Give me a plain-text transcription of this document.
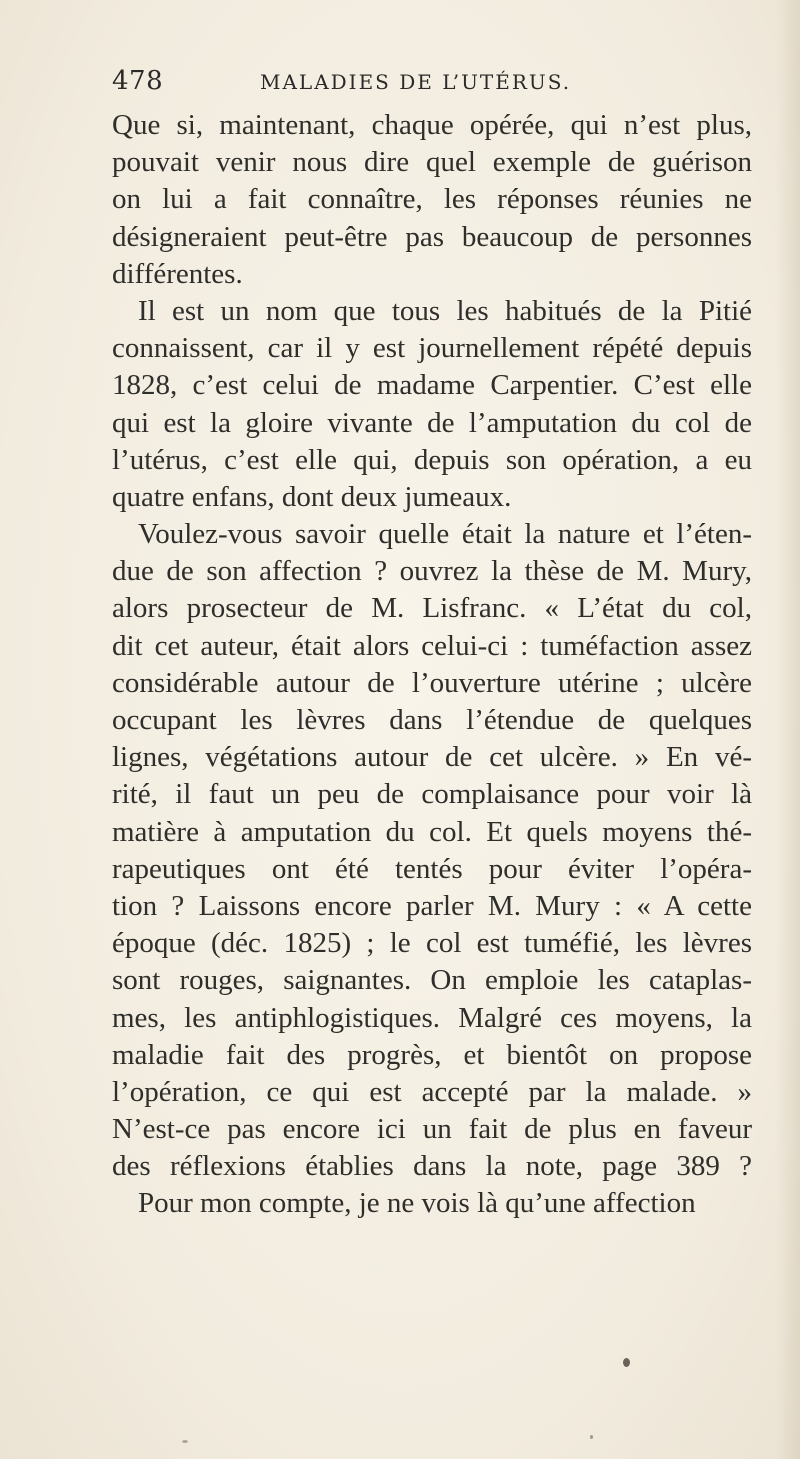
478	MALADIES DE L’UTÉRUS.
Que si, maintenant, chaque opérée, qui n’est plus,
pouvait venir nous dire quel exemple de guérison
on lui a fait connaître, les réponses réunies ne
désigneraient peut-être pas beaucoup de personnes
différentes.
Il est un nom que tous les habitués de la Pitié
connaissent, car il y est journellement répété depuis
1828, c’est celui de madame Carpentier. C’est elle
qui est la gloire vivante de l’amputation du col de
l’utérus, c’est elle qui, depuis son opération, a eu
quatre enfans, dont deux jumeaux.
Voulez-vous savoir quelle était la nature et l’éten-
due de son affection ? ouvrez la thèse de M. Mury,
alors prosecteur de M. Lisfranc. « L’état du col,
dit cet auteur, était alors celui-ci : tuméfaction assez
considérable autour de l’ouverture utérine ; ulcère
occupant les lèvres dans l’étendue de quelques
lignes, végétations autour de cet ulcère. » En vé-
rité, il faut un peu de complaisance pour voir là
matière à amputation du col. Et quels moyens thé-
rapeutiques ont été tentés pour éviter l’opéra-
tion ? Laissons encore parler M. Mury : « A cette
époque (déc. 1825) ; le col est tuméfié, les lèvres
sont rouges, saignantes. On emploie les cataplas-
mes, les antiphlogistiques. Malgré ces moyens, la
maladie fait des progrès, et bientôt on propose
l’opération, ce qui est accepté par la malade. »
N’est-ce pas encore ici un fait de plus en faveur
des réflexions établies dans la note, page 389 ?
Pour mon compte, je ne vois là qu’une affection
